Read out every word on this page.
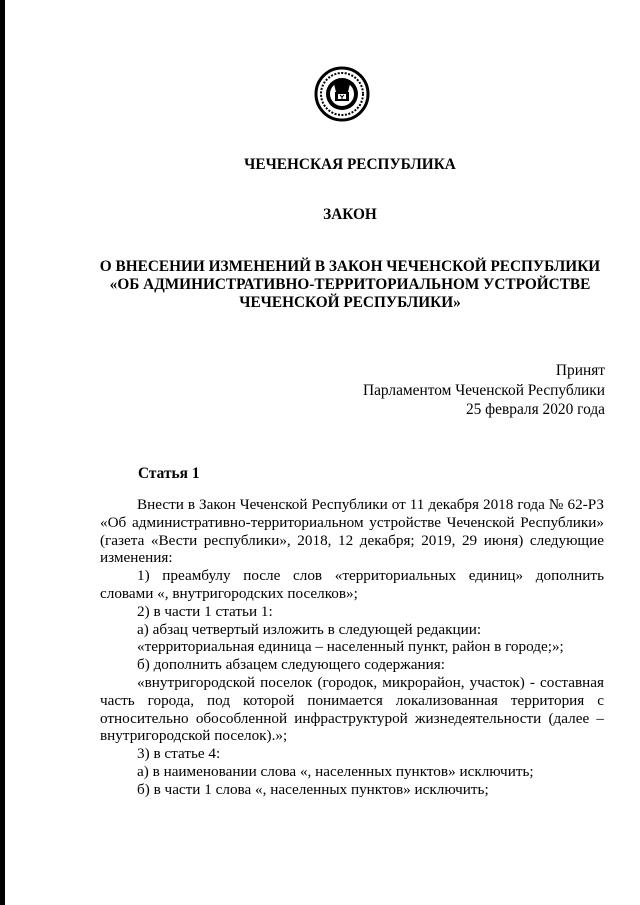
ЧЕЧЕНСКАЯ РЕСПУБЛИКА
ЗАКОН
О ВНЕСЕНИИ ИЗМЕНЕНИЙ В ЗАКОН ЧЕЧЕНСКОЙ РЕСПУБЛИКИ
«ОБ АДМИНИСТРАТИВНО-ТЕРРИТОРИАЛЬНОМ УСТРОЙСТВЕ
ЧЕЧЕНСКОЙ РЕСПУБЛИКИ»
Принят
Парламентом Чеченской Республики
25 февраля 2020 года
Статья 1

Внести в Закон Чеченской Республики от 11 декабря 2018 года № 62-РЗ «Об административно-территориальном устройстве Чеченской Республики» (газета «Вести республики», 2018, 12 декабря; 2019, 29 июня) следующие изменения:

1) преамбулу после слов «территориальных единиц» дополнить словами «, внутригородских поселков»;

2) в части 1 статьи 1:

а) абзац четвертый изложить в следующей редакции:

«территориальная единица – населенный пункт, район в городе;»;

б) дополнить абзацем следующего содержания:

«внутригородской поселок (городок, микрорайон, участок) - составная часть города, под которой понимается локализованная территория с относительно обособленной инфраструктурой жизнедеятельности (далее – внутригородской поселок).»;

3) в статье 4:

а) в наименовании слова «, населенных пунктов» исключить;

б) в части 1 слова «, населенных пунктов» исключить;
